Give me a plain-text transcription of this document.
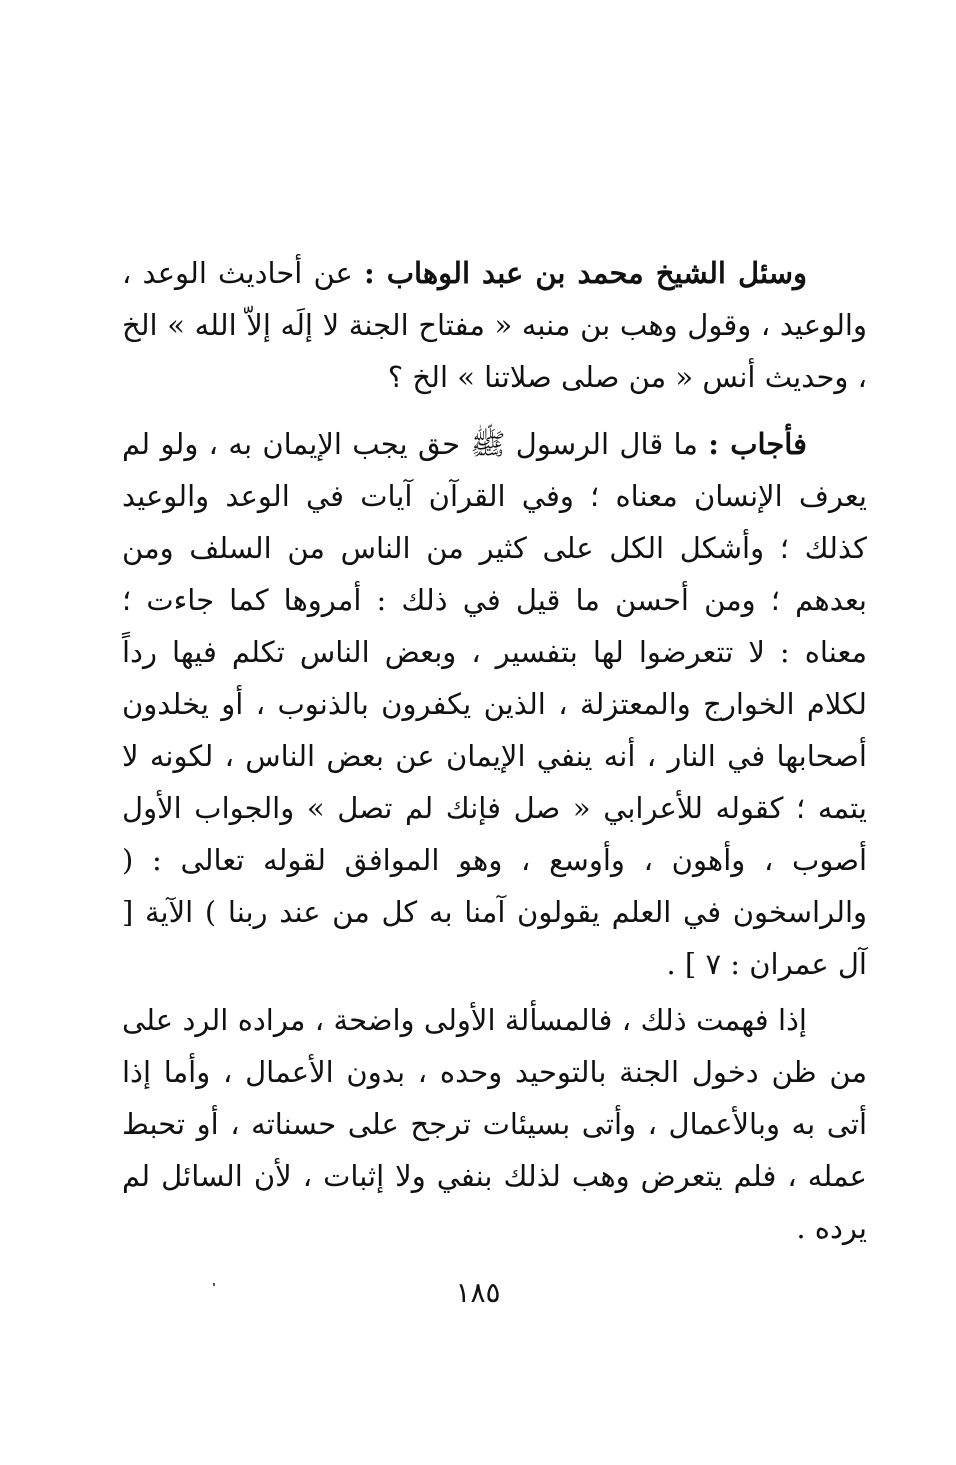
وسئل الشيخ محمد بن عبد الوهاب : عن أحاديث الوعد ، والوعيد ، وقول وهب بن منبه « مفتاح الجنة لا إلَه إلاّ الله » الخ ، وحديث أنس « من صلى صلاتنا » الخ ؟

فأجاب : ما قال الرسول ﷺ حق يجب الإيمان به ، ولو لم يعرف الإنسان معناه ؛ وفي القرآن آيات في الوعد والوعيد كذلك ؛ وأشكل الكل على كثير من الناس من السلف ومن بعدهم ؛ ومن أحسن ما قيل في ذلك : أمروها كما جاءت ؛ معناه : لا تتعرضوا لها بتفسير ، وبعض الناس تكلم فيها رداً لكلام الخوارج والمعتزلة ، الذين يكفرون بالذنوب ، أو يخلدون أصحابها في النار ، أنه ينفي الإيمان عن بعض الناس ، لكونه لا يتمه ؛ كقوله للأعرابي « صل فإنك لم تصل » والجواب الأول أصوب ، وأهون ، وأوسع ، وهو الموافق لقوله تعالى : ( والراسخون في العلم يقولون آمنا به كل من عند ربنا ) الآية [ آل عمران : ٧ ] .

إذا فهمت ذلك ، فالمسألة الأولى واضحة ، مراده الرد على من ظن دخول الجنة بالتوحيد وحده ، بدون الأعمال ، وأما إذا أتى به وبالأعمال ، وأتى بسيئات ترجح على حسناته ، أو تحبط عمله ، فلم يتعرض وهب لذلك بنفي ولا إثبات ، لأن السائل لم يرده .

١٨٥
